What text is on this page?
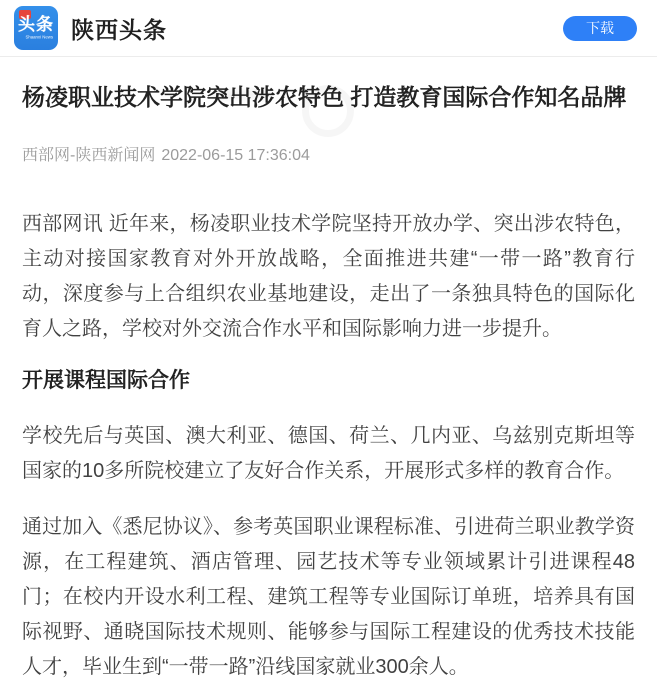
头条
Shaanxi News 陕西头条	下载
杨凌职业技术学院突出涉农特色 打造教育国际合作知名品牌
西部网-陕西新闻网 2022-06-15 17:36:04

西部网讯 近年来，杨凌职业技术学院坚持开放办学、突出涉农特色，主动对接国家教育对外开放战略，全面推进共建“一带一路”教育行动，深度参与上合组织农业基地建设，走出了一条独具特色的国际化育人之路，学校对外交流合作水平和国际影响力进一步提升。

开展课程国际合作

学校先后与英国、澳大利亚、德国、荷兰、几内亚、乌兹别克斯坦等国家的10多所院校建立了友好合作关系，开展形式多样的教育合作。

通过加入《悉尼协议》、参考英国职业课程标准、引进荷兰职业教学资源，在工程建筑、酒店管理、园艺技术等专业领域累计引进课程48门；在校内开设水利工程、建筑工程等专业国际订单班，培养具有国际视野、通晓国际技术规则、能够参与国际工程建设的优秀技术技能人才，毕业生到“一带一路”沿线国家就业300余人。
